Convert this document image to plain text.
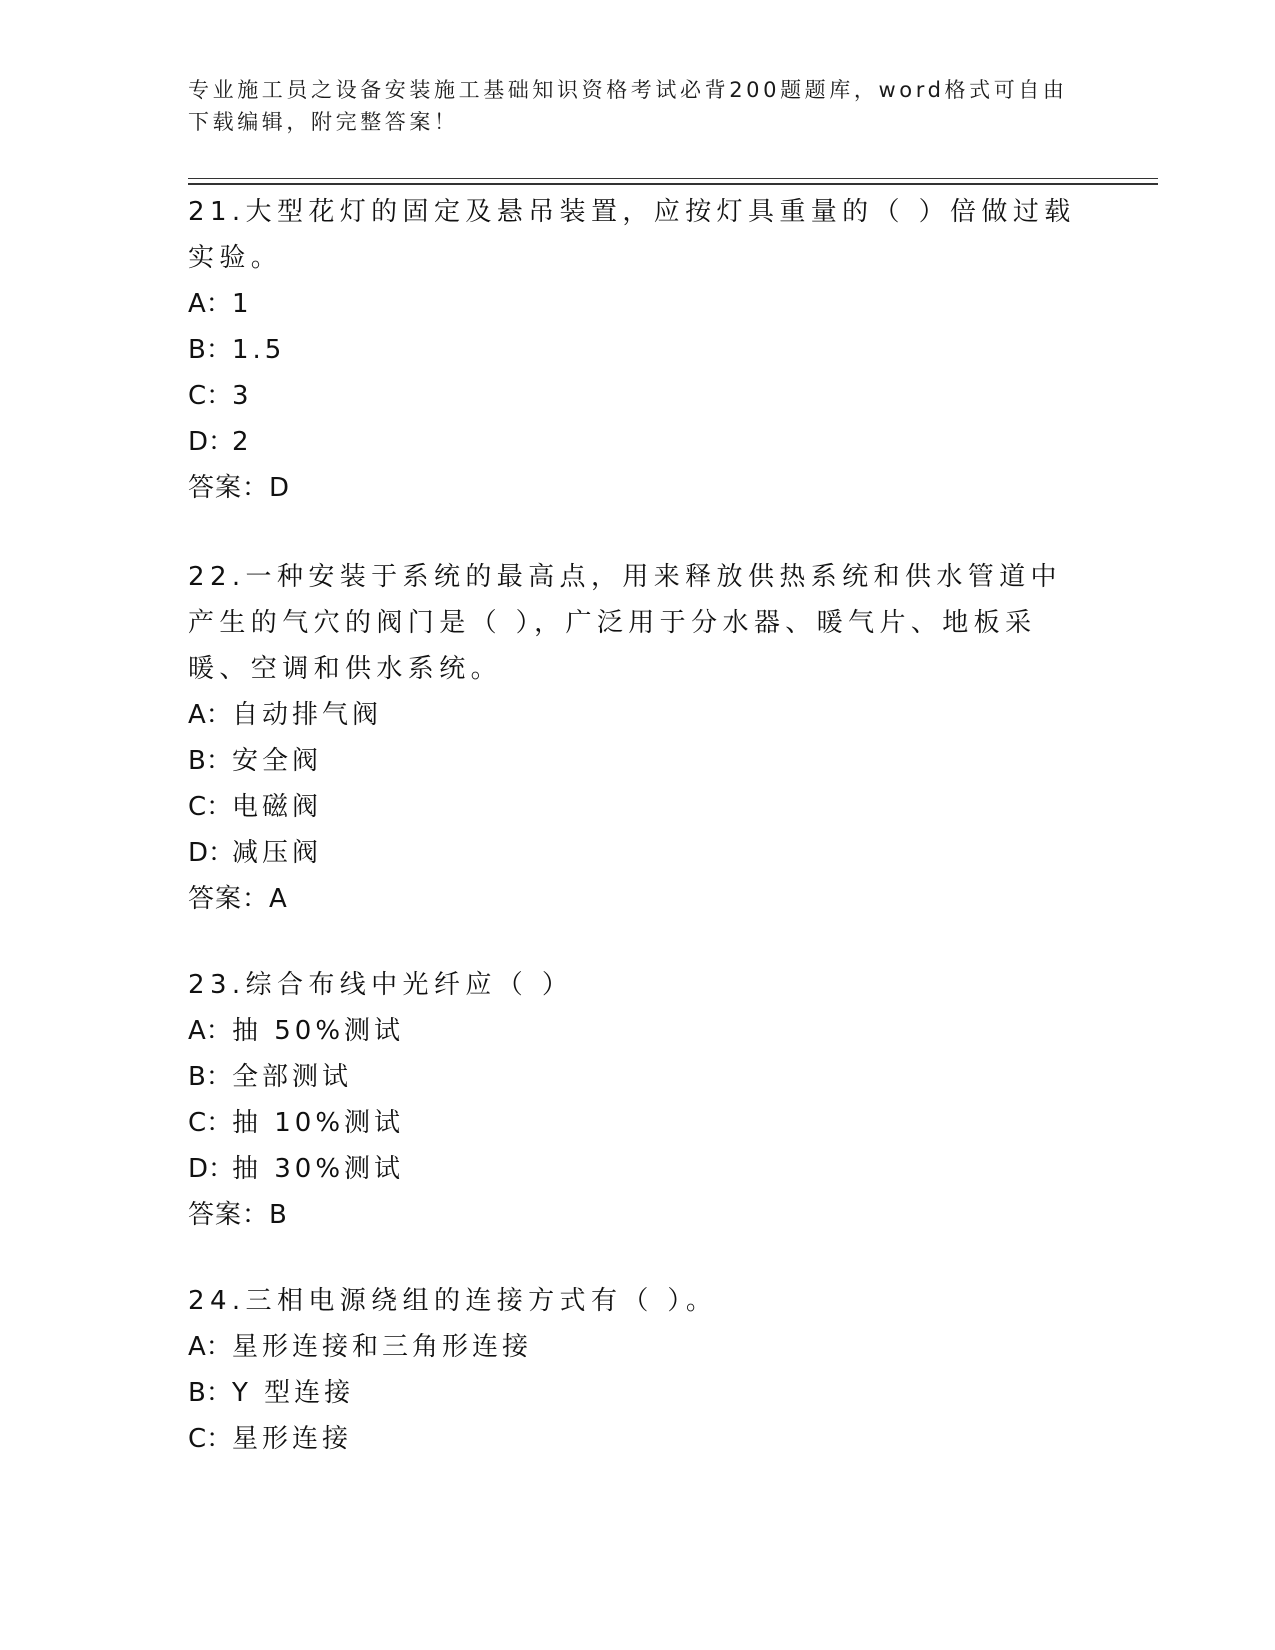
专业施工员之设备安装施工基础知识资格考试必背200题题库，word格式可自由下载编辑，附完整答案！
21.大型花灯的固定及悬吊装置，应按灯具重量的（ ）倍做过载实验。
A：1
B：1.5
C：3
D：2
答案：D
22.一种安装于系统的最高点，用来释放供热系统和供水管道中产生的气穴的阀门是（ ），广泛用于分水器、暖气片、地板采暖、空调和供水系统。
A：自动排气阀
B：安全阀
C：电磁阀
D：减压阀
答案：A
23.综合布线中光纤应（ ）
A：抽 50%测试
B：全部测试
C：抽 10%测试
D：抽 30%测试
答案：B
24.三相电源绕组的连接方式有（ ）。
A：星形连接和三角形连接
B：Y 型连接
C：星形连接
